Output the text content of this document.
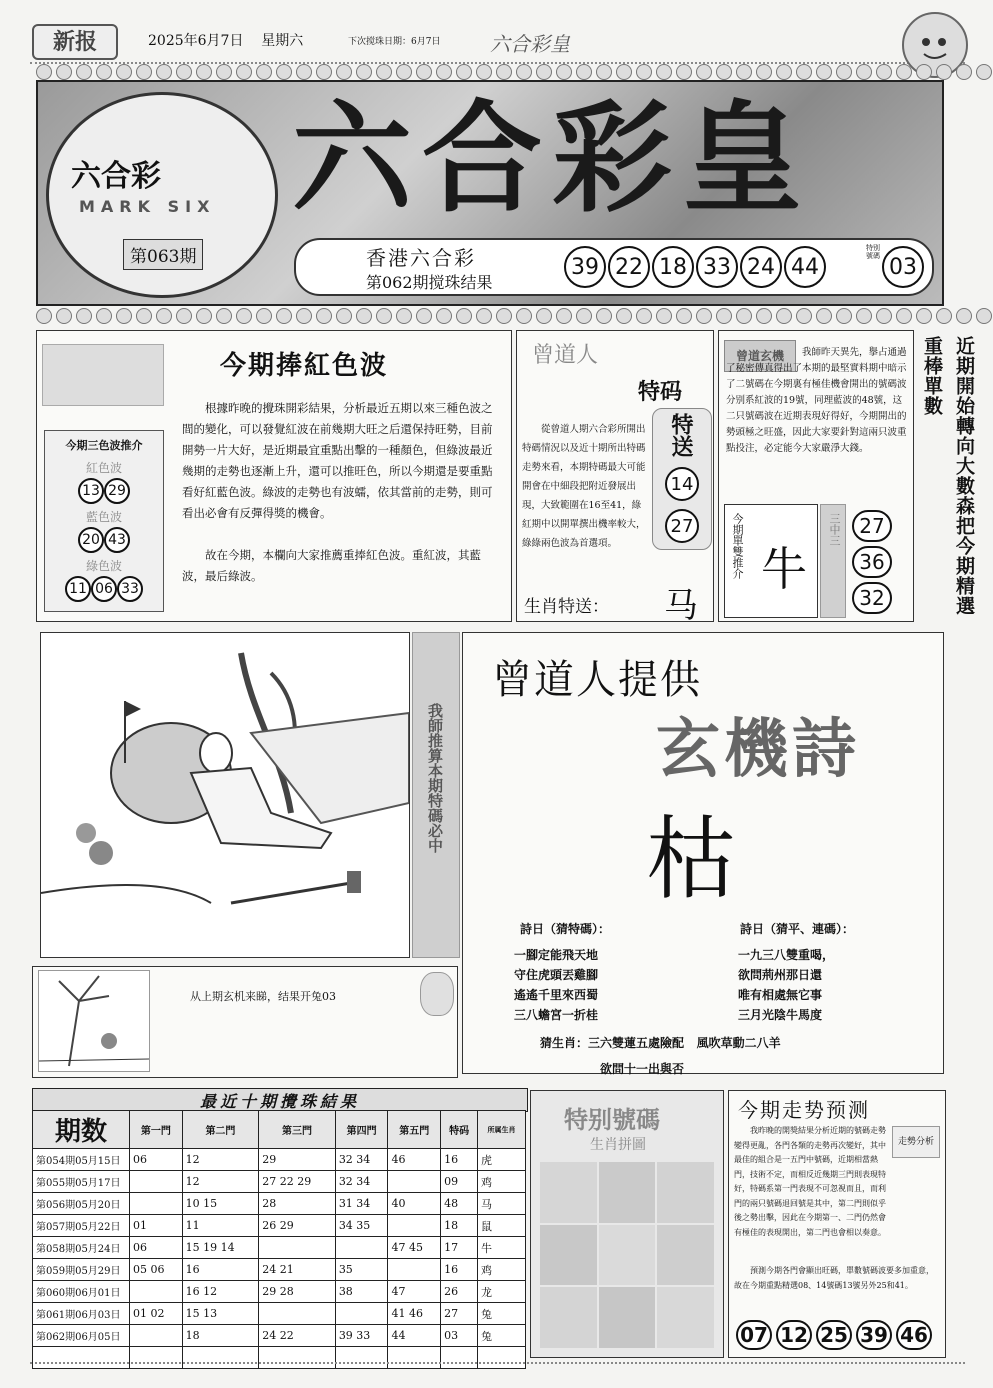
新报	2025年6月7日 星期六	下次搅珠日期：6月7日 六合彩皇
六合彩
MARK SIX
第063期
六合彩皇
香港六合彩
第062期搅珠结果
39 22 18 33 24 44
特别號碼 03
今期捧紅色波
今期三色波推介
紅色波
13 29
藍色波
20 43
綠色波
11 06 33
根據昨晚的攪珠開彩結果，分析最近五期以來三種色波之間的變化，可以發覺紅波在前幾期大旺之后還保持旺勢，目前開勢一片大好，是近期最宜重點出擊的一種顏色，但綠波最近幾期的走勢也逐漸上升，還可以推旺色，所以今期還是要重點看好紅藍色波。綠波的走勢也有波蠕，依其當前的走勢，則可看出必會有反彈得獎的機會。
故在今期，本欄向大家推薦重捧紅色波。重紅波，其藍波，最后綠波。
曾道人
特码
特送
14
27
從曾道人期六合彩所開出特碼情況以及近十期所出特碼走勢來看，本期特碼最大可能開會在中細段把附近發展出現，大致範圍在16至41，綠紅期中以開單撰出機率較大，綠綠兩色波為首選項。
生肖特送： 马
曾道玄機	我師昨天異先，擧占通過了秘密傳真得出了本期的最堅實料期中暗示了二號碼在今期裏有極佳機會開出的號碼波分别系紅波的19號，同理藍波的48號，这二只號碼波在近期表現好得好，今期開出的勢頭極之旺盛，因此大家要針對這兩只波重點投注，必定能今大家嚴淨大錢。
今期單雙推介 牛
三中三 27
36
32	近期開始轉向大數森把今期精選重棒單數
我師推算本期特碼必中
曾道人提供
玄機詩
枯
詩日（猜特碼）：
一腳定能飛天地
守住虎頭丟雞腳
遙遙千里來西蜀
三八蟾宮一折桂
詩日（猜平、連碼）：
一九三八雙重喝，
欲問荊州那日還
唯有相處無它事
三月光陰牛馬度
猜生肖：三六雙蓮五處險配 風吹草動二八羊
欲問十一出與否
从上期玄机来睇，结果开兔03
最近十期攪珠結果
期数	第一門	第二門	第三門	第四門	第五門	特码	所属生肖
第054期05月15日	06	12	29	32 34	46	16	虎
第055期05月17日		12	27 22 29	32 34		09	鸡
第056期05月20日		10 15	28	31 34	40	48	马
第057期05月22日	01	11	26 29	34 35		18	鼠
第058期05月24日	06	15 19 14			47 45	17	牛
第059期05月29日	05 06	16	24 21	35		16	鸡
第060期06月01日		16 12	29 28	38	47	26	龙
第061期06月03日	01 02	15 13			41 46	27	兔
第062期06月05日		18	24 22	39 33	44	03	兔

特别號碼
生肖拼圖
今期走势预测
走勢分析
我昨晚的開獎結果分析近期的號碼走勢變得更亂，各門各類的走勢再次變好，其中最佳的組合是一五門中號碼，近期相當熱門，技術不定，而相反近幾期三門則表現特好，特碼系第一門表現不可忽視而且，而利門的兩只號碼退回號是其中，第二門則似乎後之勢出擊，因此在今期第一、二門仍然會有極佳的表現開出，第二門也會相以奏意。
預測今期各門會顯出旺碼，單數號碼波要多加重意，故在今期重點精選08、14號碼13號另外25和41。
07 12 25 39 46
